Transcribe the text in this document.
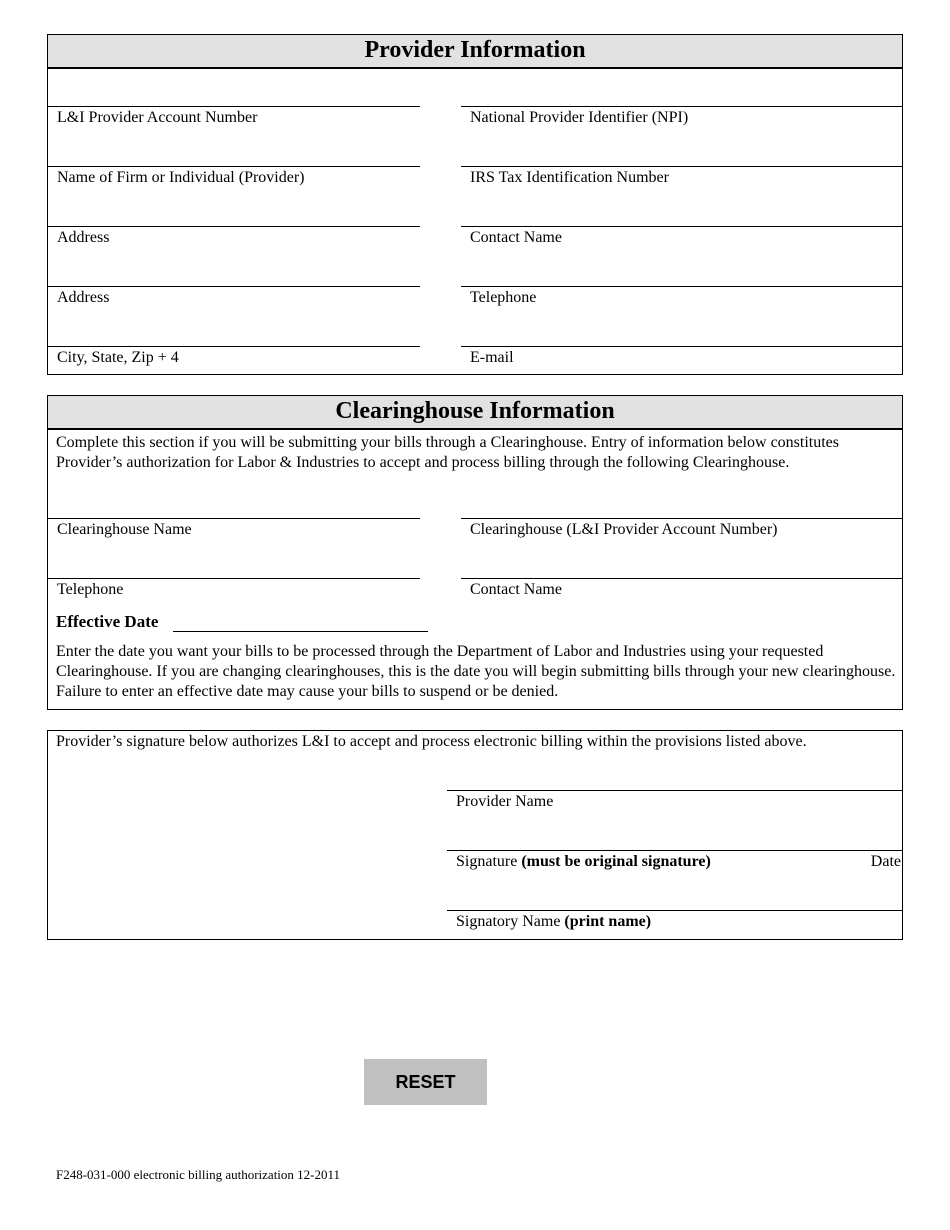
Provider Information
L&I Provider Account Number	National Provider Identifier (NPI)
Name of Firm or Individual (Provider)	IRS Tax Identification Number
Address	Contact Name
Address	Telephone
City, State, Zip + 4	E-mail
Clearinghouse Information
Complete this section if you will be submitting your bills through a Clearinghouse. Entry of information below constitutes Provider’s authorization for Labor & Industries to accept and process billing through the following Clearinghouse.
Clearinghouse Name	Clearinghouse (L&I Provider Account Number)
Telephone	Contact Name
Effective Date
Enter the date you want your bills to be processed through the Department of Labor and Industries using your requested Clearinghouse. If you are changing clearinghouses, this is the date you will begin submitting bills through your new clearinghouse. Failure to enter an effective date may cause your bills to suspend or be denied.
Provider’s signature below authorizes L&I to accept and process electronic billing within the provisions listed above.
Provider Name
Signature (must be original signature)	Date
Signatory Name (print name)
RESET
F248-031-000 electronic billing authorization 12-2011
